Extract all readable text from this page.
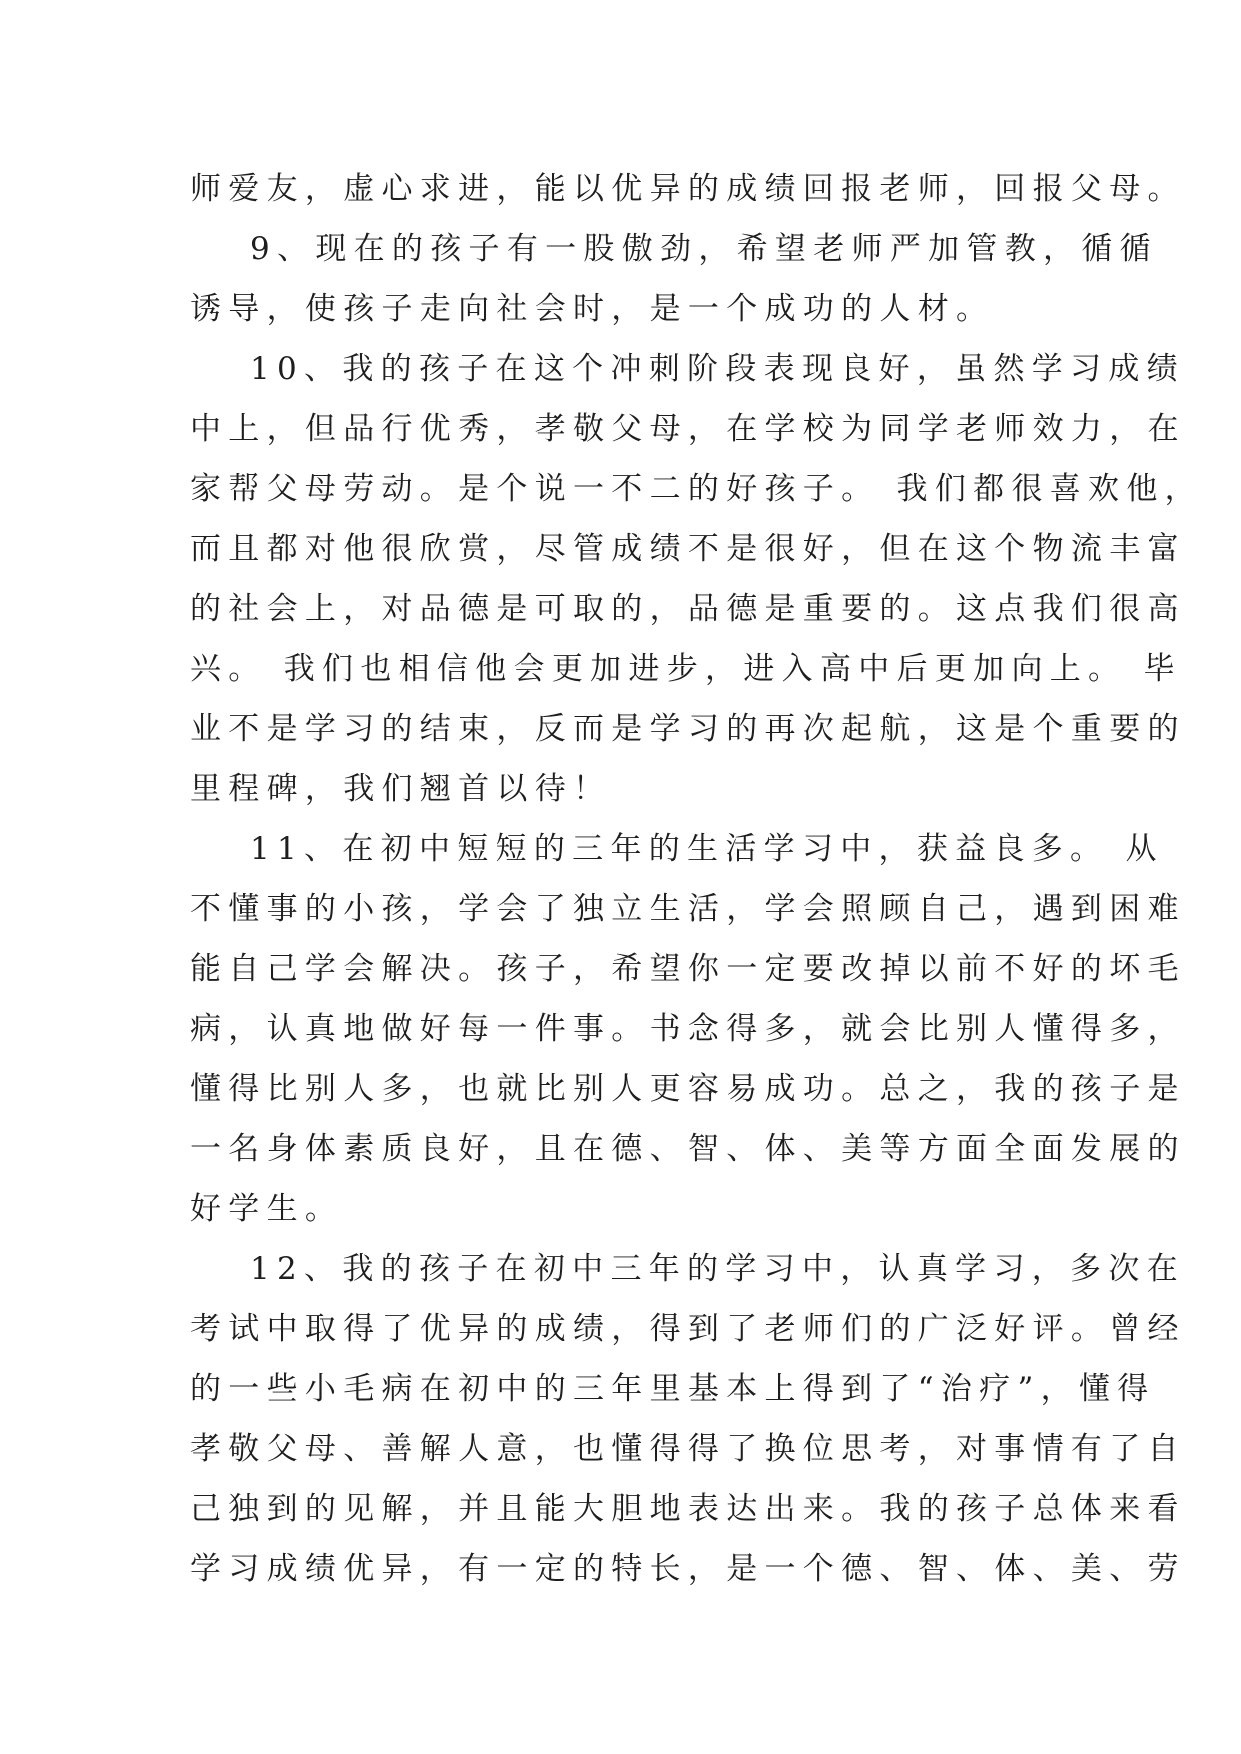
师爱友，虚心求进，能以优异的成绩回报老师，回报父母。
9、现在的孩子有一股傲劲，希望老师严加管教，循循
诱导，使孩子走向社会时，是一个成功的人材。
10、我的孩子在这个冲刺阶段表现良好，虽然学习成绩
中上，但品行优秀，孝敬父母，在学校为同学老师效力，在
家帮父母劳动。是个说一不二的好孩子。 我们都很喜欢他，
而且都对他很欣赏，尽管成绩不是很好，但在这个物流丰富
的社会上，对品德是可取的，品德是重要的。这点我们很高
兴。 我们也相信他会更加进步，进入高中后更加向上。 毕
业不是学习的结束，反而是学习的再次起航，这是个重要的
里程碑，我们翘首以待！
11、在初中短短的三年的生活学习中，获益良多。 从
不懂事的小孩，学会了独立生活，学会照顾自己，遇到困难
能自己学会解决。孩子，希望你一定要改掉以前不好的坏毛
病，认真地做好每一件事。书念得多，就会比别人懂得多，
懂得比别人多，也就比别人更容易成功。总之，我的孩子是
一名身体素质良好，且在德、智、体、美等方面全面发展的
好学生。
12、我的孩子在初中三年的学习中，认真学习，多次在
考试中取得了优异的成绩，得到了老师们的广泛好评。曾经
的一些小毛病在初中的三年里基本上得到了“治疗”，懂得
孝敬父母、善解人意，也懂得得了换位思考，对事情有了自
己独到的见解，并且能大胆地表达出来。我的孩子总体来看
学习成绩优异，有一定的特长，是一个德、智、体、美、劳
